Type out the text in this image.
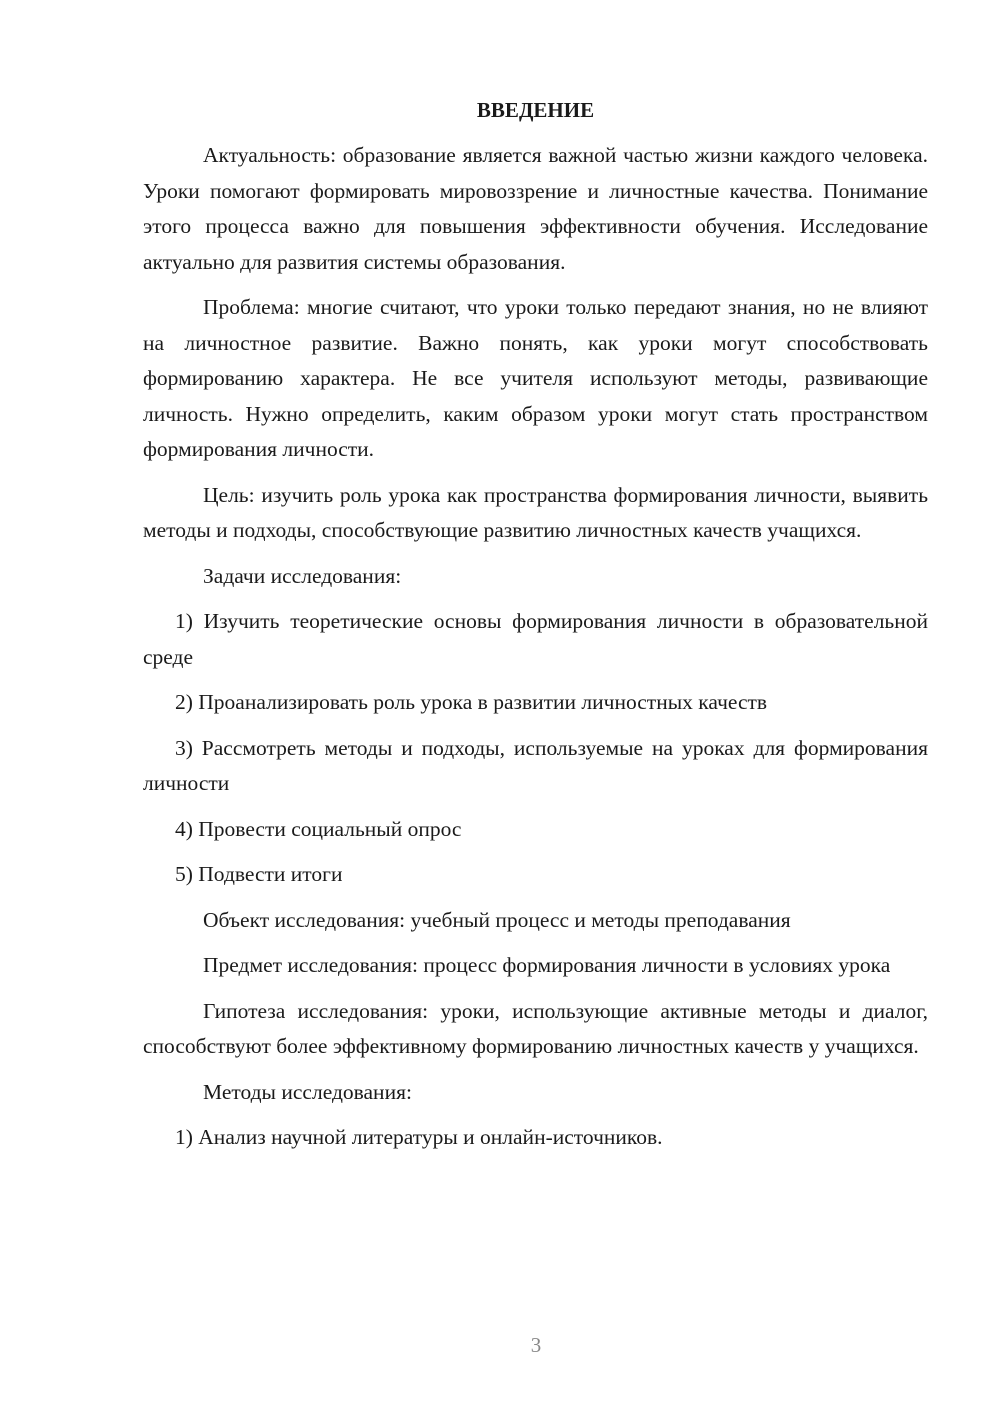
ВВЕДЕНИЕ

Актуальность: образование является важной частью жизни каждого человека. Уроки помогают формировать мировоззрение и личностные качества. Понимание этого процесса важно для повышения эффективности обучения. Исследование актуально для развития системы образования.

Проблема: многие считают, что уроки только передают знания, но не влияют на личностное развитие. Важно понять, как уроки могут способствовать формированию характера. Не все учителя используют методы, развивающие личность. Нужно определить, каким образом уроки могут стать пространством формирования личности.

Цель: изучить роль урока как пространства формирования личности, выявить методы и подходы, способствующие развитию личностных качеств учащихся.

Задачи исследования:

1) Изучить теоретические основы формирования личности в образовательной среде

2) Проанализировать роль урока в развитии личностных качеств

3) Рассмотреть методы и подходы, используемые на уроках для формирования личности

4) Провести социальный опрос

5) Подвести итоги

Объект исследования: учебный процесс и методы преподавания

Предмет исследования: процесс формирования личности в условиях урока

Гипотеза исследования: уроки, использующие активные методы и диалог, способствуют более эффективному формированию личностных качеств у учащихся.

Методы исследования:

1) Анализ научной литературы и онлайн-источников.

3
